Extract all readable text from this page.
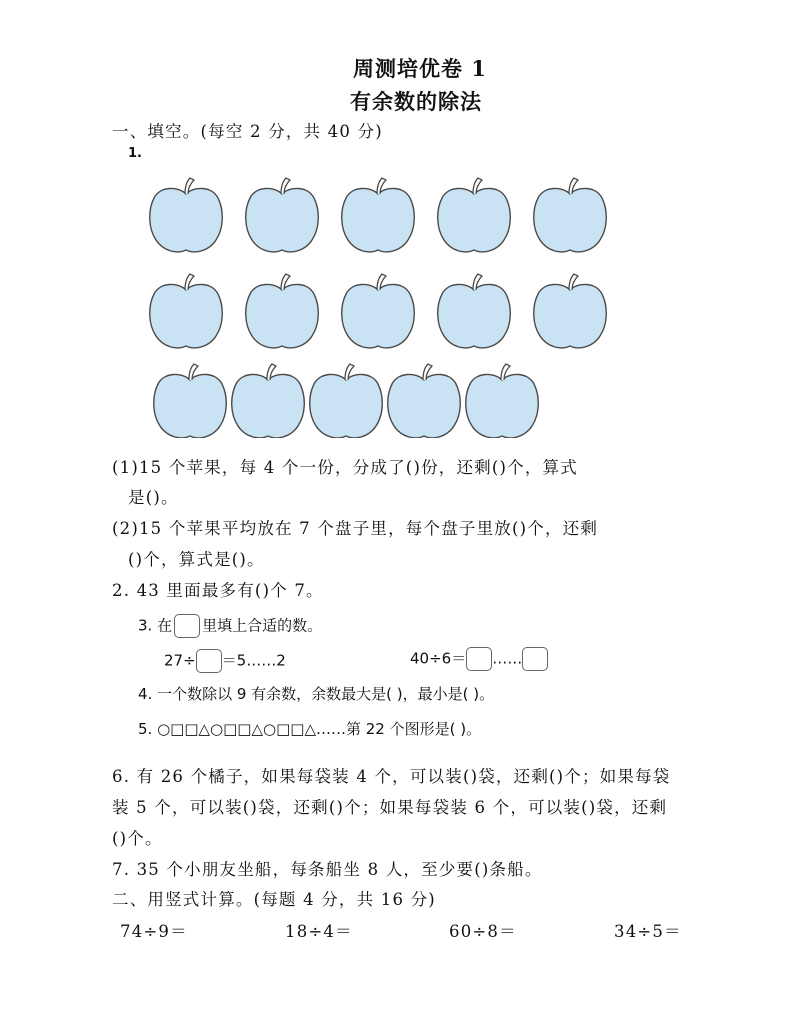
周测培优卷 1
有余数的除法
一、填空。(每空 2 分，共 40 分)
1.
(1)15 个苹果，每 4 个一份，分成了()份，还剩()个，算式
是()。
(2)15 个苹果平均放在 7 个盘子里，每个盘子里放()个，还剩
()个，算式是()。
2. 43 里面最多有()个 7。
3. 在 里填上合适的数。
27÷ ＝5……2	40÷6＝ ……
4. 一个数除以 9 有余数，余数最大是( )，最小是( )。
5. ○□□△○□□△○□□△……第 22 个图形是( )。
6. 有 26 个橘子，如果每袋装 4 个，可以装()袋，还剩()个；如果每袋
装 5 个，可以装()袋，还剩()个；如果每袋装 6 个，可以装()袋，还剩
()个。
7. 35 个小朋友坐船，每条船坐 8 人，至少要()条船。
二、用竖式计算。(每题 4 分，共 16 分)
74÷9＝	18÷4＝	60÷8＝	34÷5＝
